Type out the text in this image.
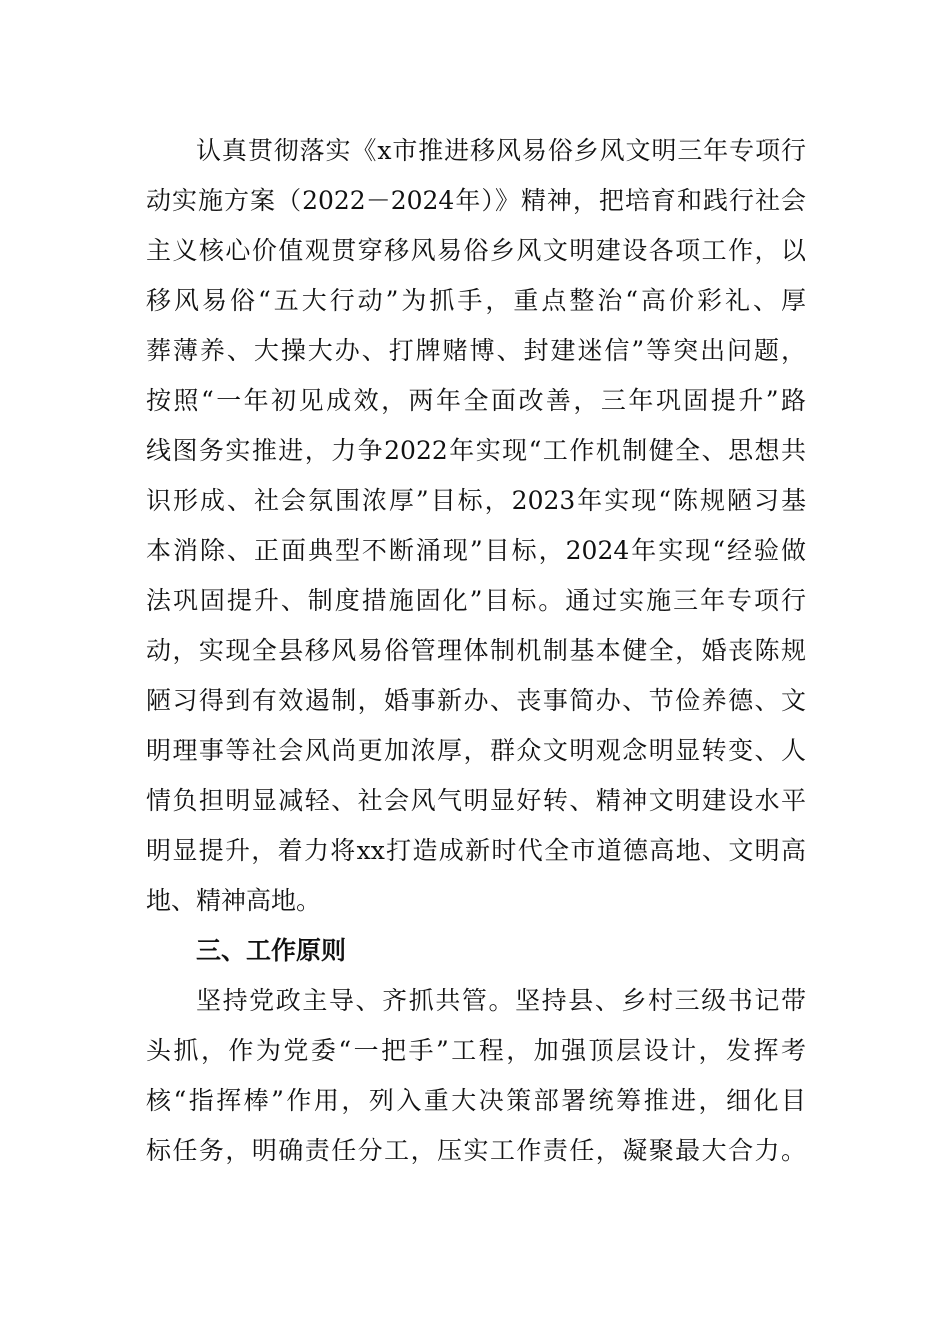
认真贯彻落实《x市推进移风易俗乡风文明三年专项行
动实施方案（2022－2024年）》精神，把培育和践行社会
主义核心价值观贯穿移风易俗乡风文明建设各项工作，以
移风易俗“五大行动”为抓手，重点整治“高价彩礼、厚
葬薄养、大操大办、打牌赌博、封建迷信”等突出问题，
按照“一年初见成效，两年全面改善，三年巩固提升”路
线图务实推进，力争2022年实现“工作机制健全、思想共
识形成、社会氛围浓厚”目标，2023年实现“陈规陋习基
本消除、正面典型不断涌现”目标，2024年实现“经验做
法巩固提升、制度措施固化”目标。通过实施三年专项行
动，实现全县移风易俗管理体制机制基本健全，婚丧陈规
陋习得到有效遏制，婚事新办、丧事简办、节俭养德、文
明理事等社会风尚更加浓厚，群众文明观念明显转变、人
情负担明显减轻、社会风气明显好转、精神文明建设水平
明显提升，着力将xx打造成新时代全市道德高地、文明高
地、精神高地。
三、工作原则
坚持党政主导、齐抓共管。坚持县、乡村三级书记带
头抓，作为党委“一把手”工程，加强顶层设计，发挥考
核“指挥棒”作用，列入重大决策部署统筹推进，细化目
标任务，明确责任分工，压实工作责任，凝聚最大合力。
